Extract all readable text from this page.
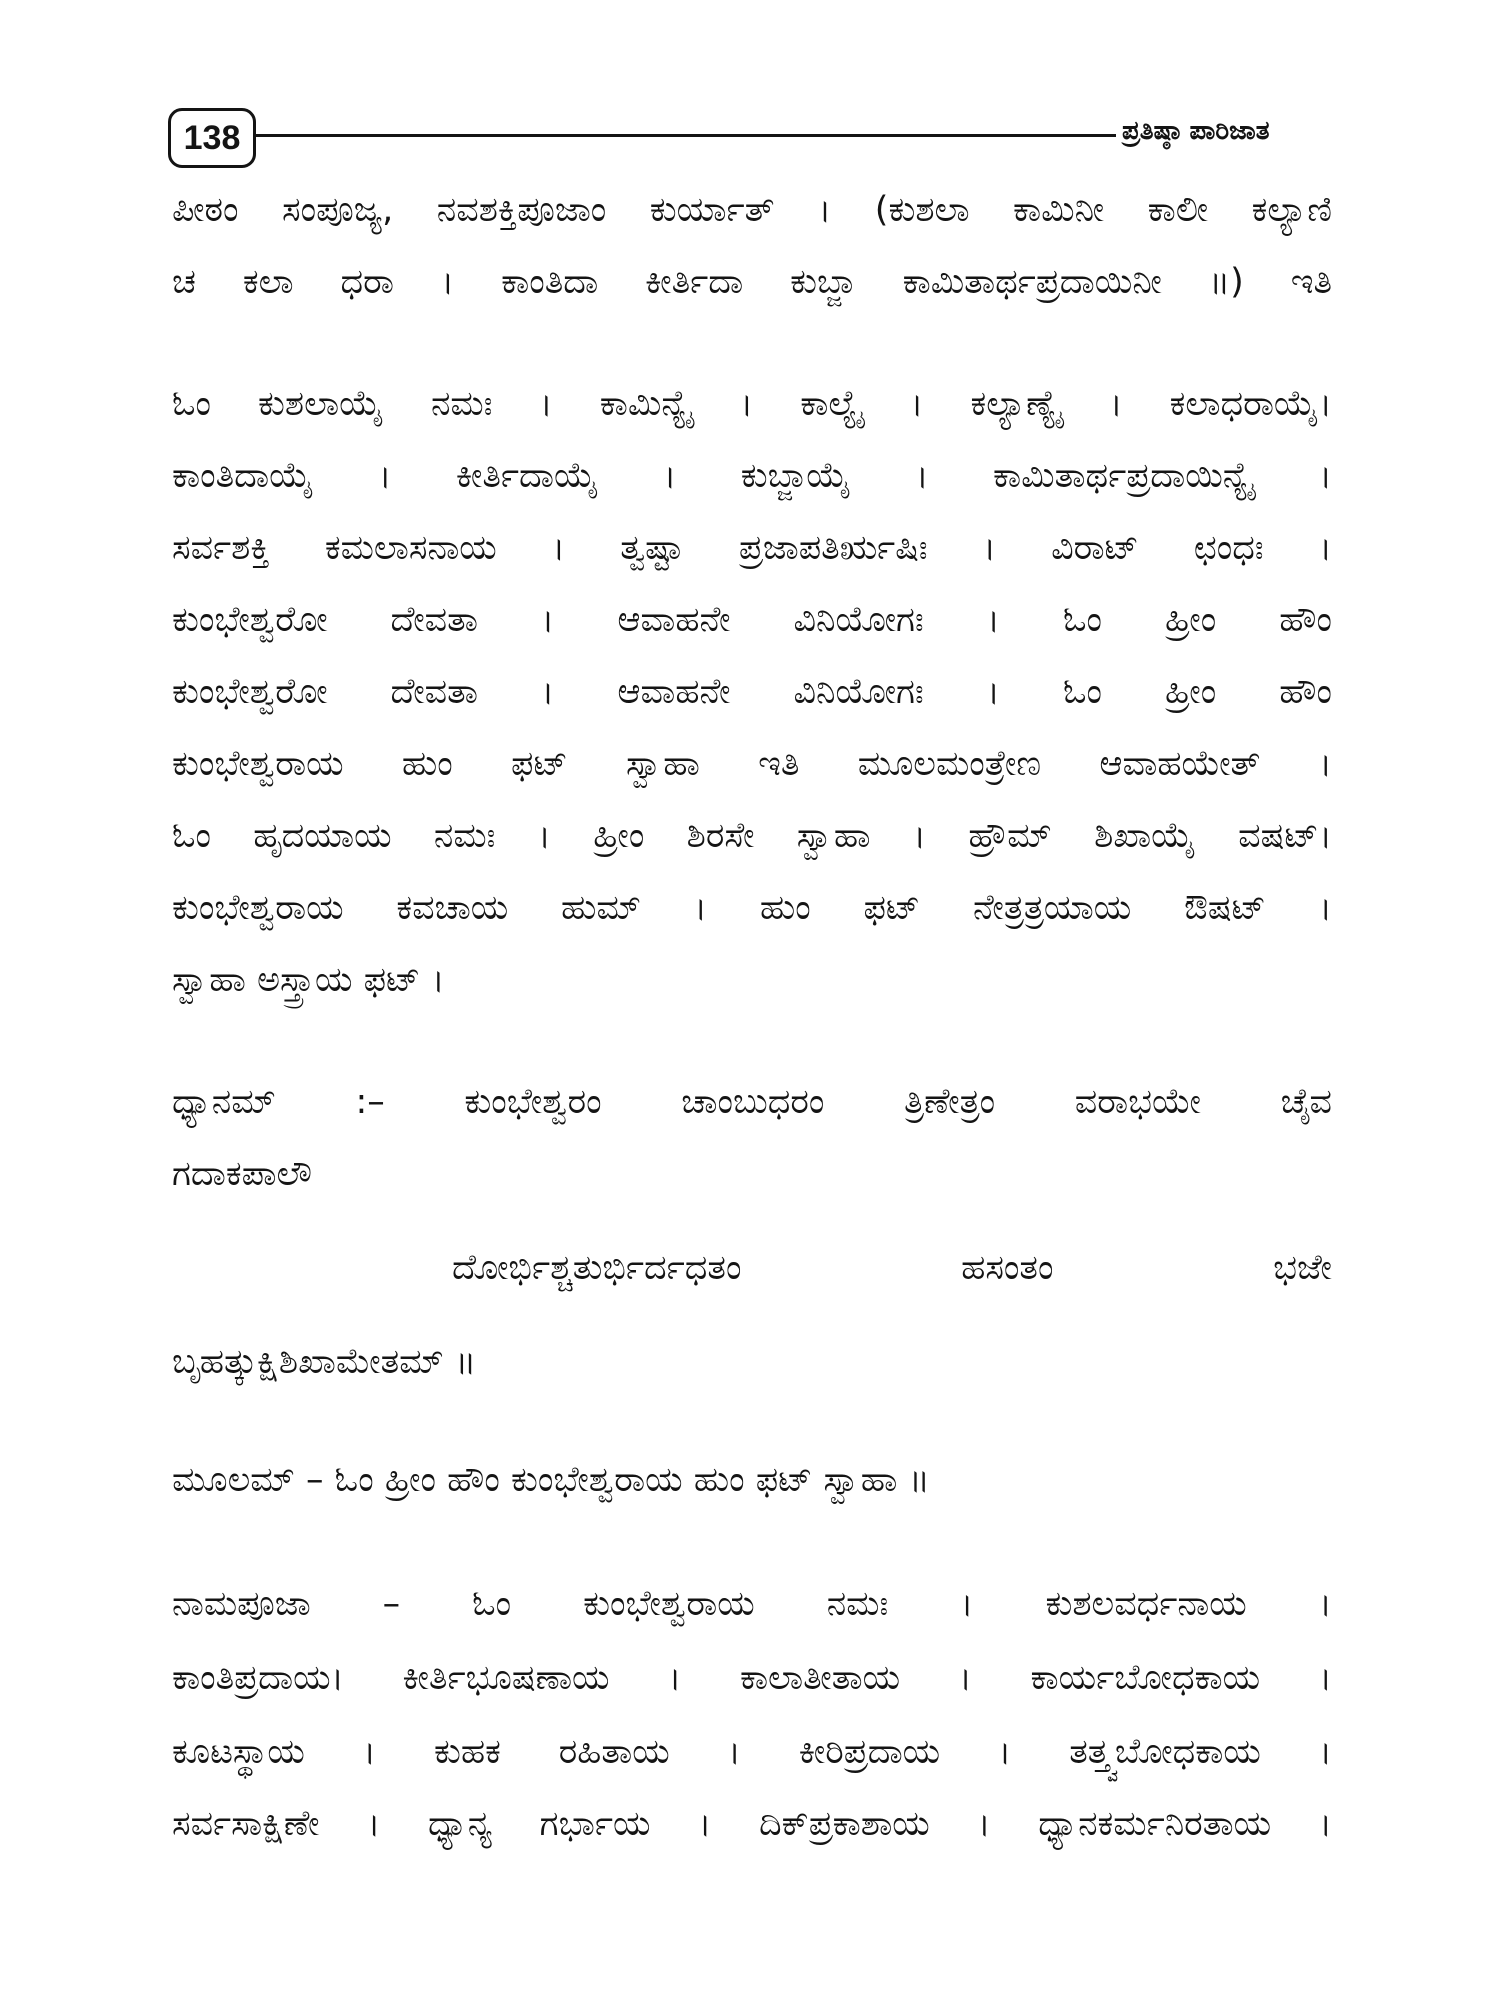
138	ಪ್ರತಿಷ್ಠಾ ಪಾರಿಜಾತ
ಪೀಠಂ ಸಂಪೂಜ್ಯ, ನವಶಕ್ತಿಪೂಜಾಂ ಕುರ್ಯಾತ್ । (ಕುಶಲಾ ಕಾಮಿನೀ ಕಾಲೀ ಕಲ್ಯಾಣಿ
ಚ ಕಲಾ ಧರಾ । ಕಾಂತಿದಾ ಕೀರ್ತಿದಾ ಕುಬ್ಜಾ ಕಾಮಿತಾರ್ಥಪ್ರದಾಯಿನೀ ॥) ಇತಿ
ಓಂ ಕುಶಲಾಯೈ ನಮಃ । ಕಾಮಿನ್ಯೈ । ಕಾಲ್ಯೈ । ಕಲ್ಯಾಣ್ಯೈ । ಕಲಾಧರಾಯೈ।
ಕಾಂತಿದಾಯೈ । ಕೀರ್ತಿದಾಯೈ । ಕುಬ್ಜಾಯೈ । ಕಾಮಿತಾರ್ಥಪ್ರದಾಯಿನ್ಯೈ ।
ಸರ್ವಶಕ್ತಿ ಕಮಲಾಸನಾಯ । ತ್ವಷ್ಟಾ ಪ್ರಜಾಪತಿರ್ಋಷಿಃ । ವಿರಾಟ್ ಛಂಧಃ ।
ಕುಂಭೇಶ್ವರೋ ದೇವತಾ । ಆವಾಹನೇ ವಿನಿಯೋಗಃ । ಓಂ ಹ್ರೀಂ ಹೌಂ
ಕುಂಭೇಶ್ವರೋ ದೇವತಾ । ಆವಾಹನೇ ವಿನಿಯೋಗಃ । ಓಂ ಹ್ರೀಂ ಹೌಂ
ಕುಂಭೇಶ್ವರಾಯ ಹುಂ ಫಟ್ ಸ್ವಾಹಾ ಇತಿ ಮೂಲಮಂತ್ರೇಣ ಆವಾಹಯೇತ್ ।
ಓಂ ಹೃದಯಾಯ ನಮಃ । ಹ್ರೀಂ ಶಿರಸೇ ಸ್ವಾಹಾ । ಹ್ರೌಮ್ ಶಿಖಾಯೈ ವಷಟ್।
ಕುಂಭೇಶ್ವರಾಯ ಕವಚಾಯ ಹುಮ್ । ಹುಂ ಫಟ್ ನೇತ್ರತ್ರಯಾಯ ಔಷಟ್ ।
ಸ್ವಾಹಾ ಅಸ್ತ್ರಾಯ ಫಟ್ ।
ಧ್ಯಾನಮ್ :– ಕುಂಭೇಶ್ವರಂ ಚಾಂಬುಧರಂ ತ್ರಿಣೇತ್ರಂ ವರಾಭಯೇ ಚೈವ
ಗದಾಕಪಾಲೌ
ದೋರ್ಭಿಶ್ಚತುರ್ಭಿರ್ದಧತಂ ಹಸಂತಂ ಭಜೇ
ಬೃಹತ್ಕುಕ್ಷಿಶಿಖಾಮೇತಮ್ ॥
ಮೂಲಮ್ – ಓಂ ಹ್ರೀಂ ಹೌಂ ಕುಂಭೇಶ್ವರಾಯ ಹುಂ ಫಟ್ ಸ್ವಾಹಾ ॥
ನಾಮಪೂಜಾ – ಓಂ ಕುಂಭೇಶ್ವರಾಯ ನಮಃ । ಕುಶಲವರ್ಧನಾಯ ।
ಕಾಂತಿಪ್ರದಾಯ। ಕೀರ್ತಿಭೂಷಣಾಯ । ಕಾಲಾತೀತಾಯ । ಕಾರ್ಯಬೋಧಕಾಯ ।
ಕೂಟಸ್ಥಾಯ । ಕುಹಕ ರಹಿತಾಯ । ಕೀರಿಪ್ರದಾಯ । ತತ್ತ್ವಬೋಧಕಾಯ ।
ಸರ್ವಸಾಕ್ಷಿಣೇ । ಧ್ಯಾನ್ಯ ಗರ್ಭಾಯ । ದಿಕ್‌ಪ್ರಕಾಶಾಯ । ಧ್ಯಾನಕರ್ಮನಿರತಾಯ ।
